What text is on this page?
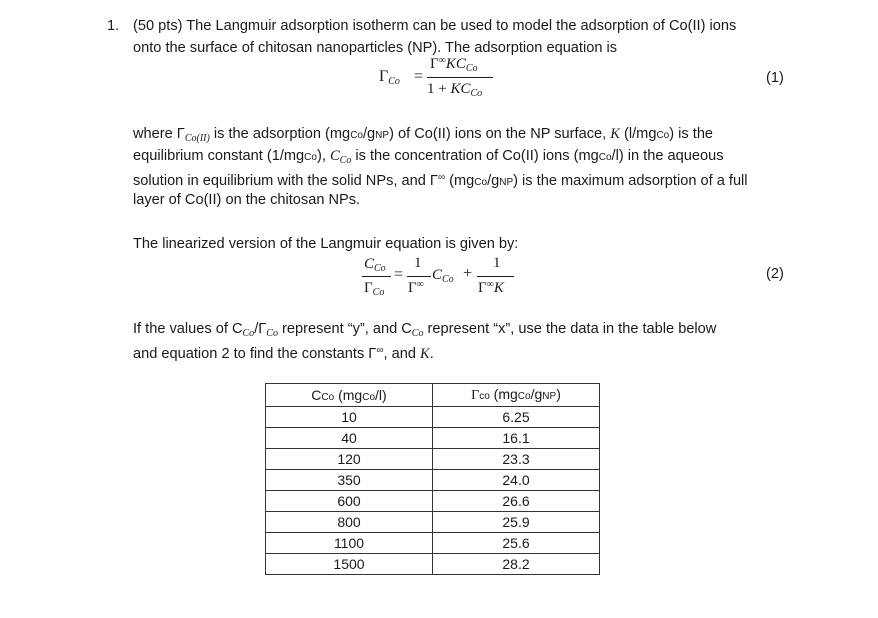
1. (50 pts) The Langmuir adsorption isotherm can be used to model the adsorption of Co(II) ions
onto the surface of chitosan nanoparticles (NP). The adsorption equation is
$\Gamma_{Co}$ =
$\Gamma^\infty KC_{Co}$
$1 + KC_{Co}$
(1)
where $\Gamma_{Co(II)}$ is the adsorption (mgCo/gNP) of Co(II) ions on the NP surface, K (l/mgCo) is the
equilibrium constant (1/mgCo), $C_{Co}$ is the concentration of Co(II) ions (mgCo/l) in the aqueous
solution in equilibrium with the solid NPs, and Γ∞ (mgCo/gNP) is the maximum adsorption of a full
layer of Co(II) on the chitosan NPs.
The linearized version of the Langmuir equation is given by:
$C_{Co}$
$\Gamma_{Co}$
=
1
Γ∞
$C_{Co}$ +
1
Γ∞K
(2)
If the values of $C_{Co}/\Gamma_{Co}$ represent “y”, and $C_{Co}$ represent “x”, use the data in the table below
and equation 2 to find the constants Γ∞, and K.
CCo (mgCo/l)	Γco (mgCo/gNP)
10	6.25
40	16.1
120	23.3
350	24.0
600	26.6
800	25.9
1100	25.6
1500	28.2
